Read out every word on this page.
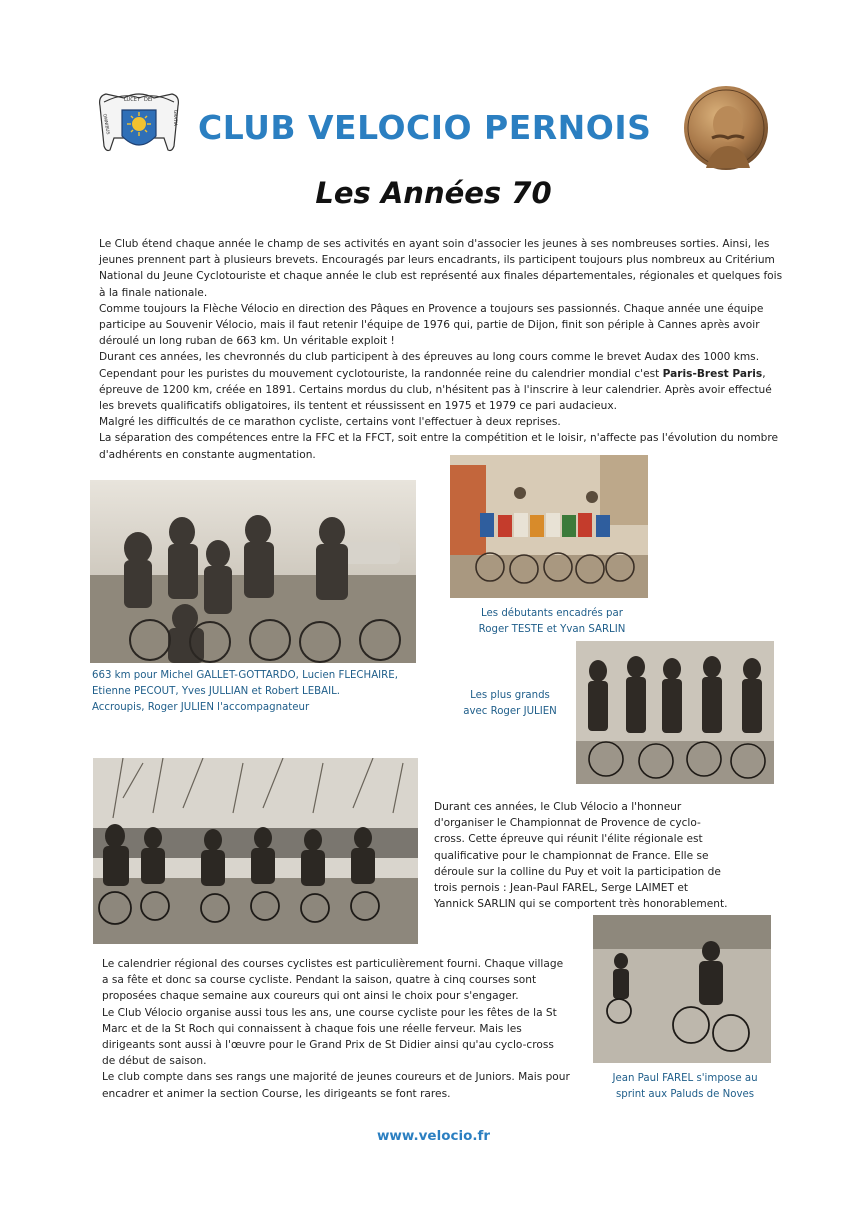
LUCET DEI
OMNIBUS	GRATIA CLUB VELOCIO PERNOIS
Les Années 70

Le Club étend chaque année le champ de ses activités en ayant soin d'associer les jeunes à ses nombreuses sorties. Ainsi, les jeunes prennent part à plusieurs brevets. Encouragés par leurs encadrants, ils participent toujours plus nombreux au Critérium National du Jeune Cyclotouriste et chaque année le club est représenté aux finales départementales, régionales et quelques fois à la finale nationale.

Comme toujours la Flèche Vélocio en direction des Pâques en Provence a toujours ses passionnés. Chaque année une équipe participe au Souvenir Vélocio, mais il faut retenir l'équipe de 1976 qui, partie de Dijon, finit son périple à Cannes après avoir déroulé un long ruban de 663 km. Un véritable exploit !

Durant ces années, les chevronnés du club participent à des épreuves au long cours comme le brevet Audax des 1000 kms.

Cependant pour les puristes du mouvement cyclotouriste, la randonnée reine du calendrier mondial c'est Paris-Brest Paris, épreuve de 1200 km, créée en 1891. Certains mordus du club, n'hésitent pas à l'inscrire à leur calendrier. Après avoir effectué les brevets qualificatifs obligatoires, ils tentent et réussissent en 1975 et 1979 ce pari audacieux.

Malgré les difficultés de ce marathon cycliste, certains vont l'effectuer à deux reprises.

La séparation des compétences entre la FFC et la FFCT, soit entre la compétition et le loisir, n'affecte pas l'évolution du nombre d'adhérents en constante augmentation.

663 km pour Michel GALLET-GOTTARDO, Lucien FLECHAIRE,
Etienne PECOUT, Yves JULLIAN et Robert LEBAIL.
Accroupis, Roger JULIEN l'accompagnateur
Les débutants encadrés par
Roger TESTE et Yvan SARLIN
Les plus grands
avec Roger JULIEN

Durant ces années, le Club Vélocio a l'honneur d'organiser le Championnat de Provence de cyclo-cross. Cette épreuve qui réunit l'élite régionale est qualificative pour le championnat de France. Elle se déroule sur la colline du Puy et voit la participation de trois pernois : Jean-Paul FAREL, Serge LAIMET et Yannick SARLIN qui se comportent très honorablement.

Le calendrier régional des courses cyclistes est particulièrement fourni. Chaque village a sa fête et donc sa course cycliste. Pendant la saison, quatre à cinq courses sont proposées chaque semaine aux coureurs qui ont ainsi le choix pour s'engager.

Le Club Vélocio organise aussi tous les ans, une course cycliste pour les fêtes de la St Marc et de la St Roch qui connaissent à chaque fois une réelle ferveur. Mais les dirigeants sont aussi à l'œuvre pour le Grand Prix de St Didier ainsi qu'au cyclo-cross de début de saison.

Le club compte dans ses rangs une majorité de jeunes coureurs et de Juniors. Mais pour encadrer et animer la section Course, les dirigeants se font rares.

Jean Paul FAREL s'impose au
sprint aux Paluds de Noves
www.velocio.fr
